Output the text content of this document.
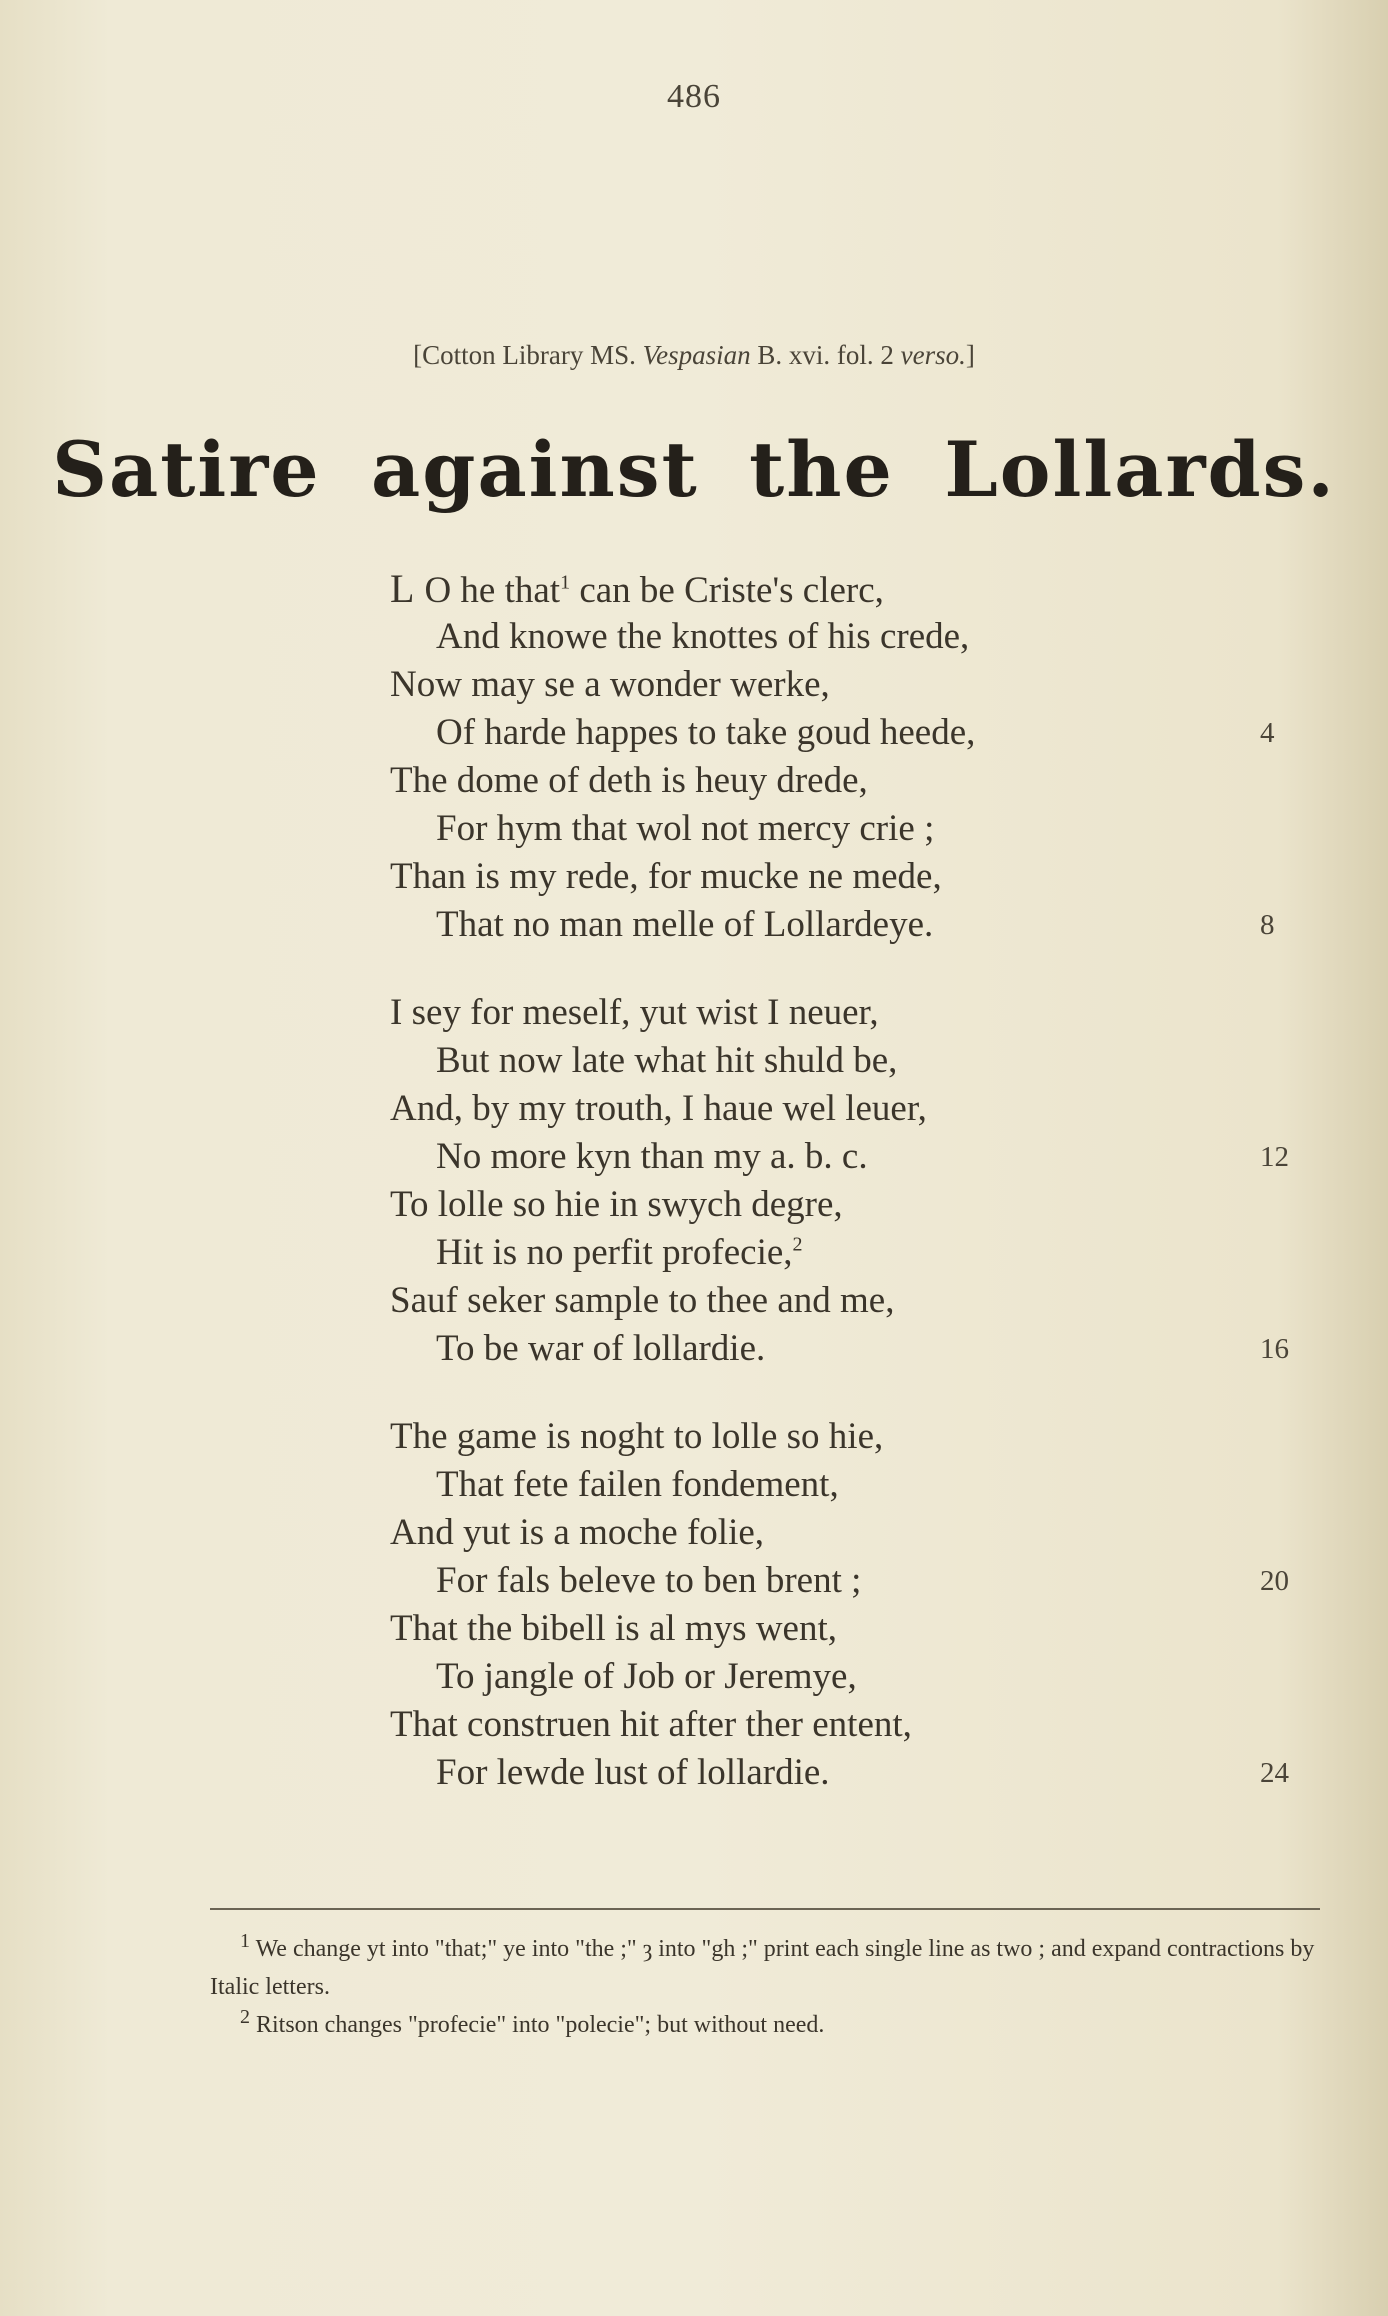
486
[Cotton Library MS. Vespasian B. xvi. fol. 2 verso.]
Satire against the Lollards.
L O he that$^1$ can be Criste's clerc,
And knowe the knottes of his crede,
Now may se a wonder werke,
Of harde happes to take goud heede,	4
The dome of deth is heuy drede,
For hym that wol not mercy crie ;
Than is my rede, for mucke ne mede,
That no man melle of Lollardeye.	8
I sey for meself, yut wist I neuer,
But now late what hit shuld be,
And, by my trouth, I haue wel leuer,
No more kyn than my a. b. c.	12
To lolle so hie in swych degre,
Hit is no perfit profecie,$^2$
Sauf seker sample to thee and me,
To be war of lollardie.	16
The game is noght to lolle so hie,
That fete failen fondement,
And yut is a moche folie,
For fals beleve to ben brent ;	20
That the bibell is al mys went,
To jangle of Job or Jeremye,
That construen hit after ther entent,
For lewde lust of lollardie.	24
$^1$ We change yt into "that;" ye into "the ;" ȝ into "gh ;" print each single line as two ; and expand contractions by Italic letters.
$^2$ Ritson changes "profecie" into "polecie"; but without need.
